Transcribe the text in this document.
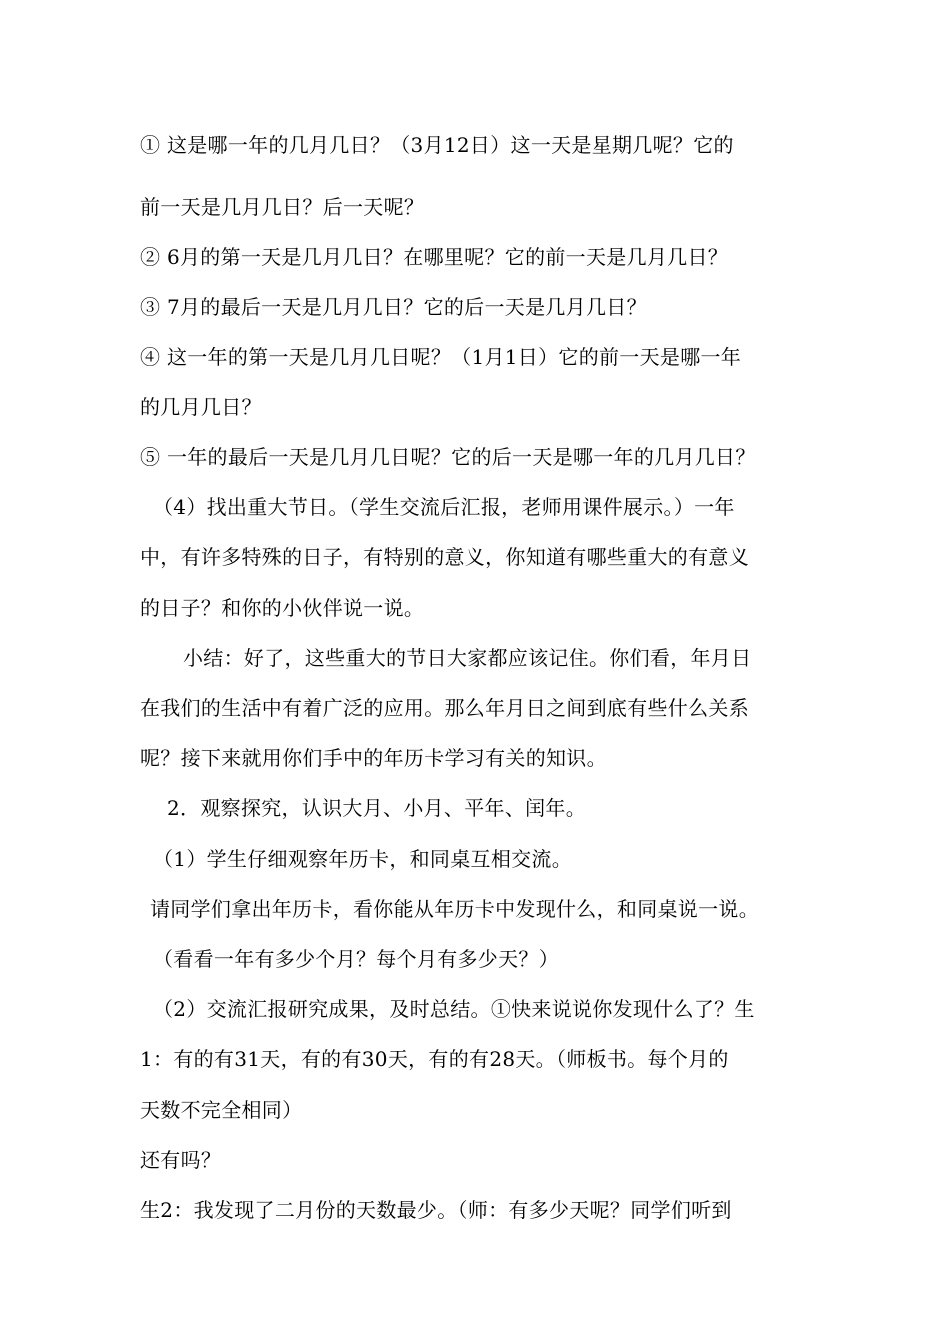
① 这是哪一年的几月几日？（3月12日）这一天是星期几呢？它的
前一天是几月几日？后一天呢？
② 6月的第一天是几月几日？在哪里呢？它的前一天是几月几日？
③ 7月的最后一天是几月几日？它的后一天是几月几日？
④ 这一年的第一天是几月几日呢？（1月1日）它的前一天是哪一年
的几月几日？
⑤ 一年的最后一天是几月几日呢？它的后一天是哪一年的几月几日？
（4）找出重大节日。（学生交流后汇报，老师用课件展示。）一年
中，有许多特殊的日子，有特别的意义，你知道有哪些重大的有意义
的日子？和你的小伙伴说一说。
小结：好了，这些重大的节日大家都应该记住。你们看，年月日
在我们的生活中有着广泛的应用。那么年月日之间到底有些什么关系
呢？接下来就用你们手中的年历卡学习有关的知识。
2．观察探究，认识大月、小月、平年、闰年。
（1）学生仔细观察年历卡，和同桌互相交流。
请同学们拿出年历卡，看你能从年历卡中发现什么，和同桌说一说。
（看看一年有多少个月？每个月有多少天？）
（2）交流汇报研究成果，及时总结。①快来说说你发现什么了？生
1：有的有31天，有的有30天，有的有28天。（师板书。每个月的
天数不完全相同）
还有吗？
生2：我发现了二月份的天数最少。（师：有多少天呢？同学们听到
